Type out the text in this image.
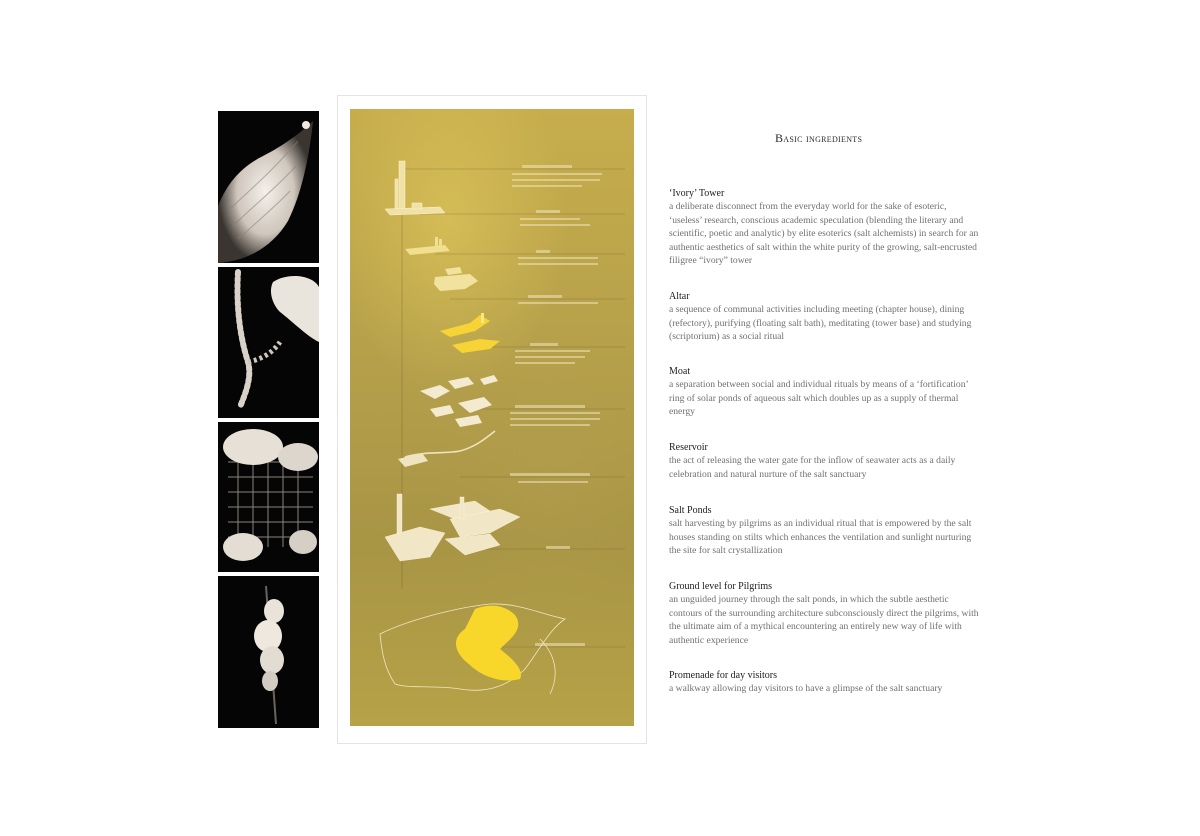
Basic ingredients
‘Ivory’ Tower
a deliberate disconnect from the everyday world for the sake of esoteric, ‘useless’ research, conscious academic speculation (blending the literary and scientific, poetic and analytic) by elite esoterics (salt alchemists) in search for an authentic aesthetics of salt within the white purity of the growing, salt-encrusted filigree “ivory” tower
Altar
a sequence of communal activities including meeting (chapter house), dining (refectory), purifying (floating salt bath), meditating (tower base) and studying (scriptorium) as a social ritual
Moat
a separation between social and individual rituals by means of a ‘fortification’ ring of solar ponds of aqueous salt which doubles up as a supply of thermal energy
Reservoir
the act of releasing the water gate for the inflow of seawater acts as a daily celebration and natural nurture of the salt sanctuary
Salt Ponds
salt harvesting by pilgrims as an individual ritual that is empowered by the salt houses standing on stilts which enhances the ventilation and sunlight nurturing the site for salt crystallization
Ground level for Pilgrims
an unguided journey through the salt ponds, in which the subtle aesthetic contours of the surrounding architecture subconsciously direct the pilgrims, with the ultimate aim of a mythical encountering an entirely new way of life with authentic experience
Promenade for day visitors
a walkway allowing day visitors to have a glimpse of the salt sanctuary
